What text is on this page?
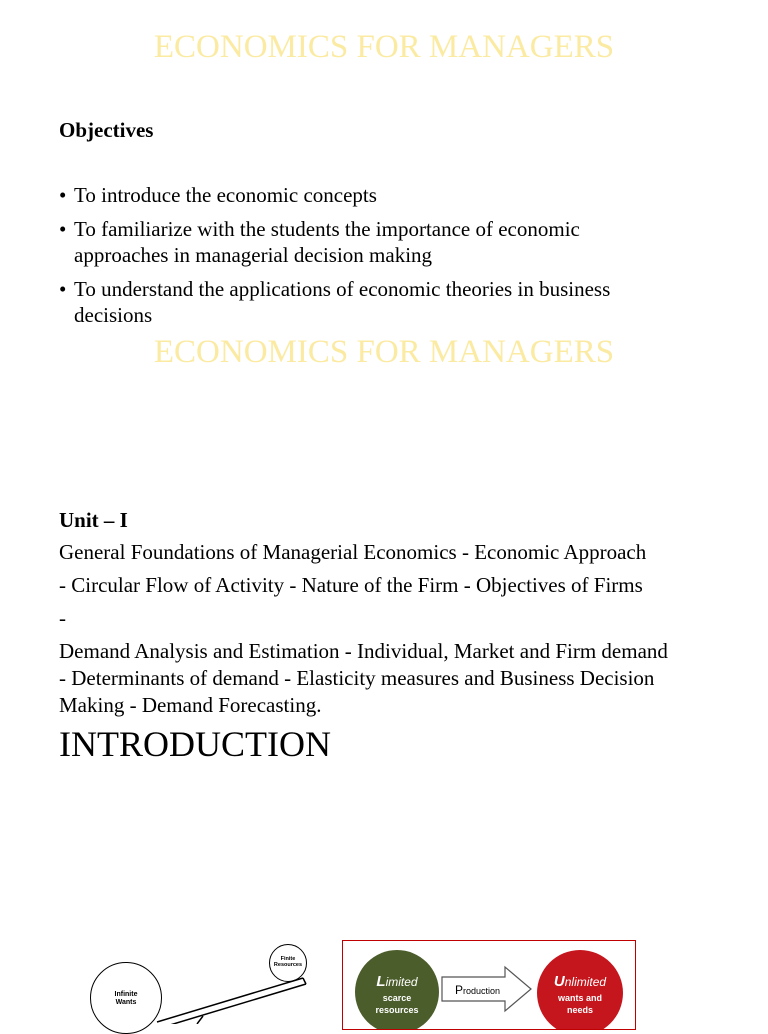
ECONOMICS FOR MANAGERS
Objectives
• To introduce the economic concepts
• To familiarize with the students the importance of economic
approaches in managerial decision making
• To understand the applications of economic theories in business
decisions
ECONOMICS FOR MANAGERS
Unit – I
General Foundations of Managerial Economics - Economic Approach
- Circular Flow of Activity - Nature of the Firm - Objectives of Firms
-
Demand Analysis and Estimation - Individual, Market and Firm demand
- Determinants of demand - Elasticity measures and Business Decision
Making - Demand Forecasting.
INTRODUCTION
Infinite
Wants
Finite
Resources
Limited
scarce
resources
Production
Unlimited
wants and
needs
